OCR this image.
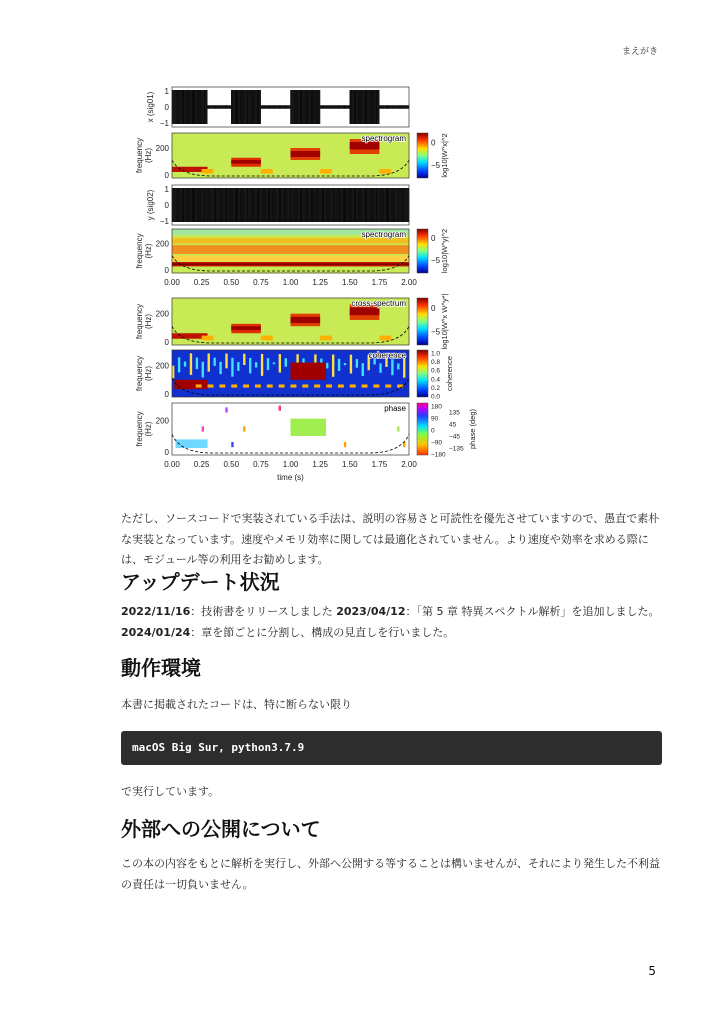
まえがき
1
0
−1
x (sig01)
spectrogram	0
−5 log10|W^x|^2
200
0
frequency (Hz)
1
0
−1
y (sig02)
spectrogram	0
−5 log10|W^y|^2
200
0
frequency (Hz)
cross-spectrum
0
−5 log10|W^x W^y*|
200
0
frequency (Hz)
coherence	1.0
0.8
0.6
0.4
0.2
0.0
coherence
200
0
frequency (Hz)
phase	180
135
90
45
0
−45
−90
−135
−180
phase (deg)
200
0
frequency (Hz)
0.00 0.25 0.50 0.75 1.00 1.25 1.50 1.75 2.00
0.00 0.25 0.50 0.75 1.00 1.25 1.50 1.75 2.00
time (s)
ただし、ソースコードで実装されている手法は、説明の容易さと可読性を優先させていますので、愚直で素朴な実装となっています。速度やメモリ効率に関しては最適化されていません。より速度や効率を求める際には、モジュール等の利用をお勧めします。
アップデート状況
2022/11/16：技術書をリリースしました 2023/04/12：「第 5 章 特異スペクトル解析」を追加しました。
2024/01/24：章を節ごとに分割し、構成の見直しを行いました。
動作環境
本書に掲載されたコードは、特に断らない限り
macOS Big Sur, python3.7.9
で実行しています。
外部への公開について
この本の内容をもとに解析を実行し、外部へ公開する等することは構いませんが、それにより発生した不利益の責任は一切負いません。
5
